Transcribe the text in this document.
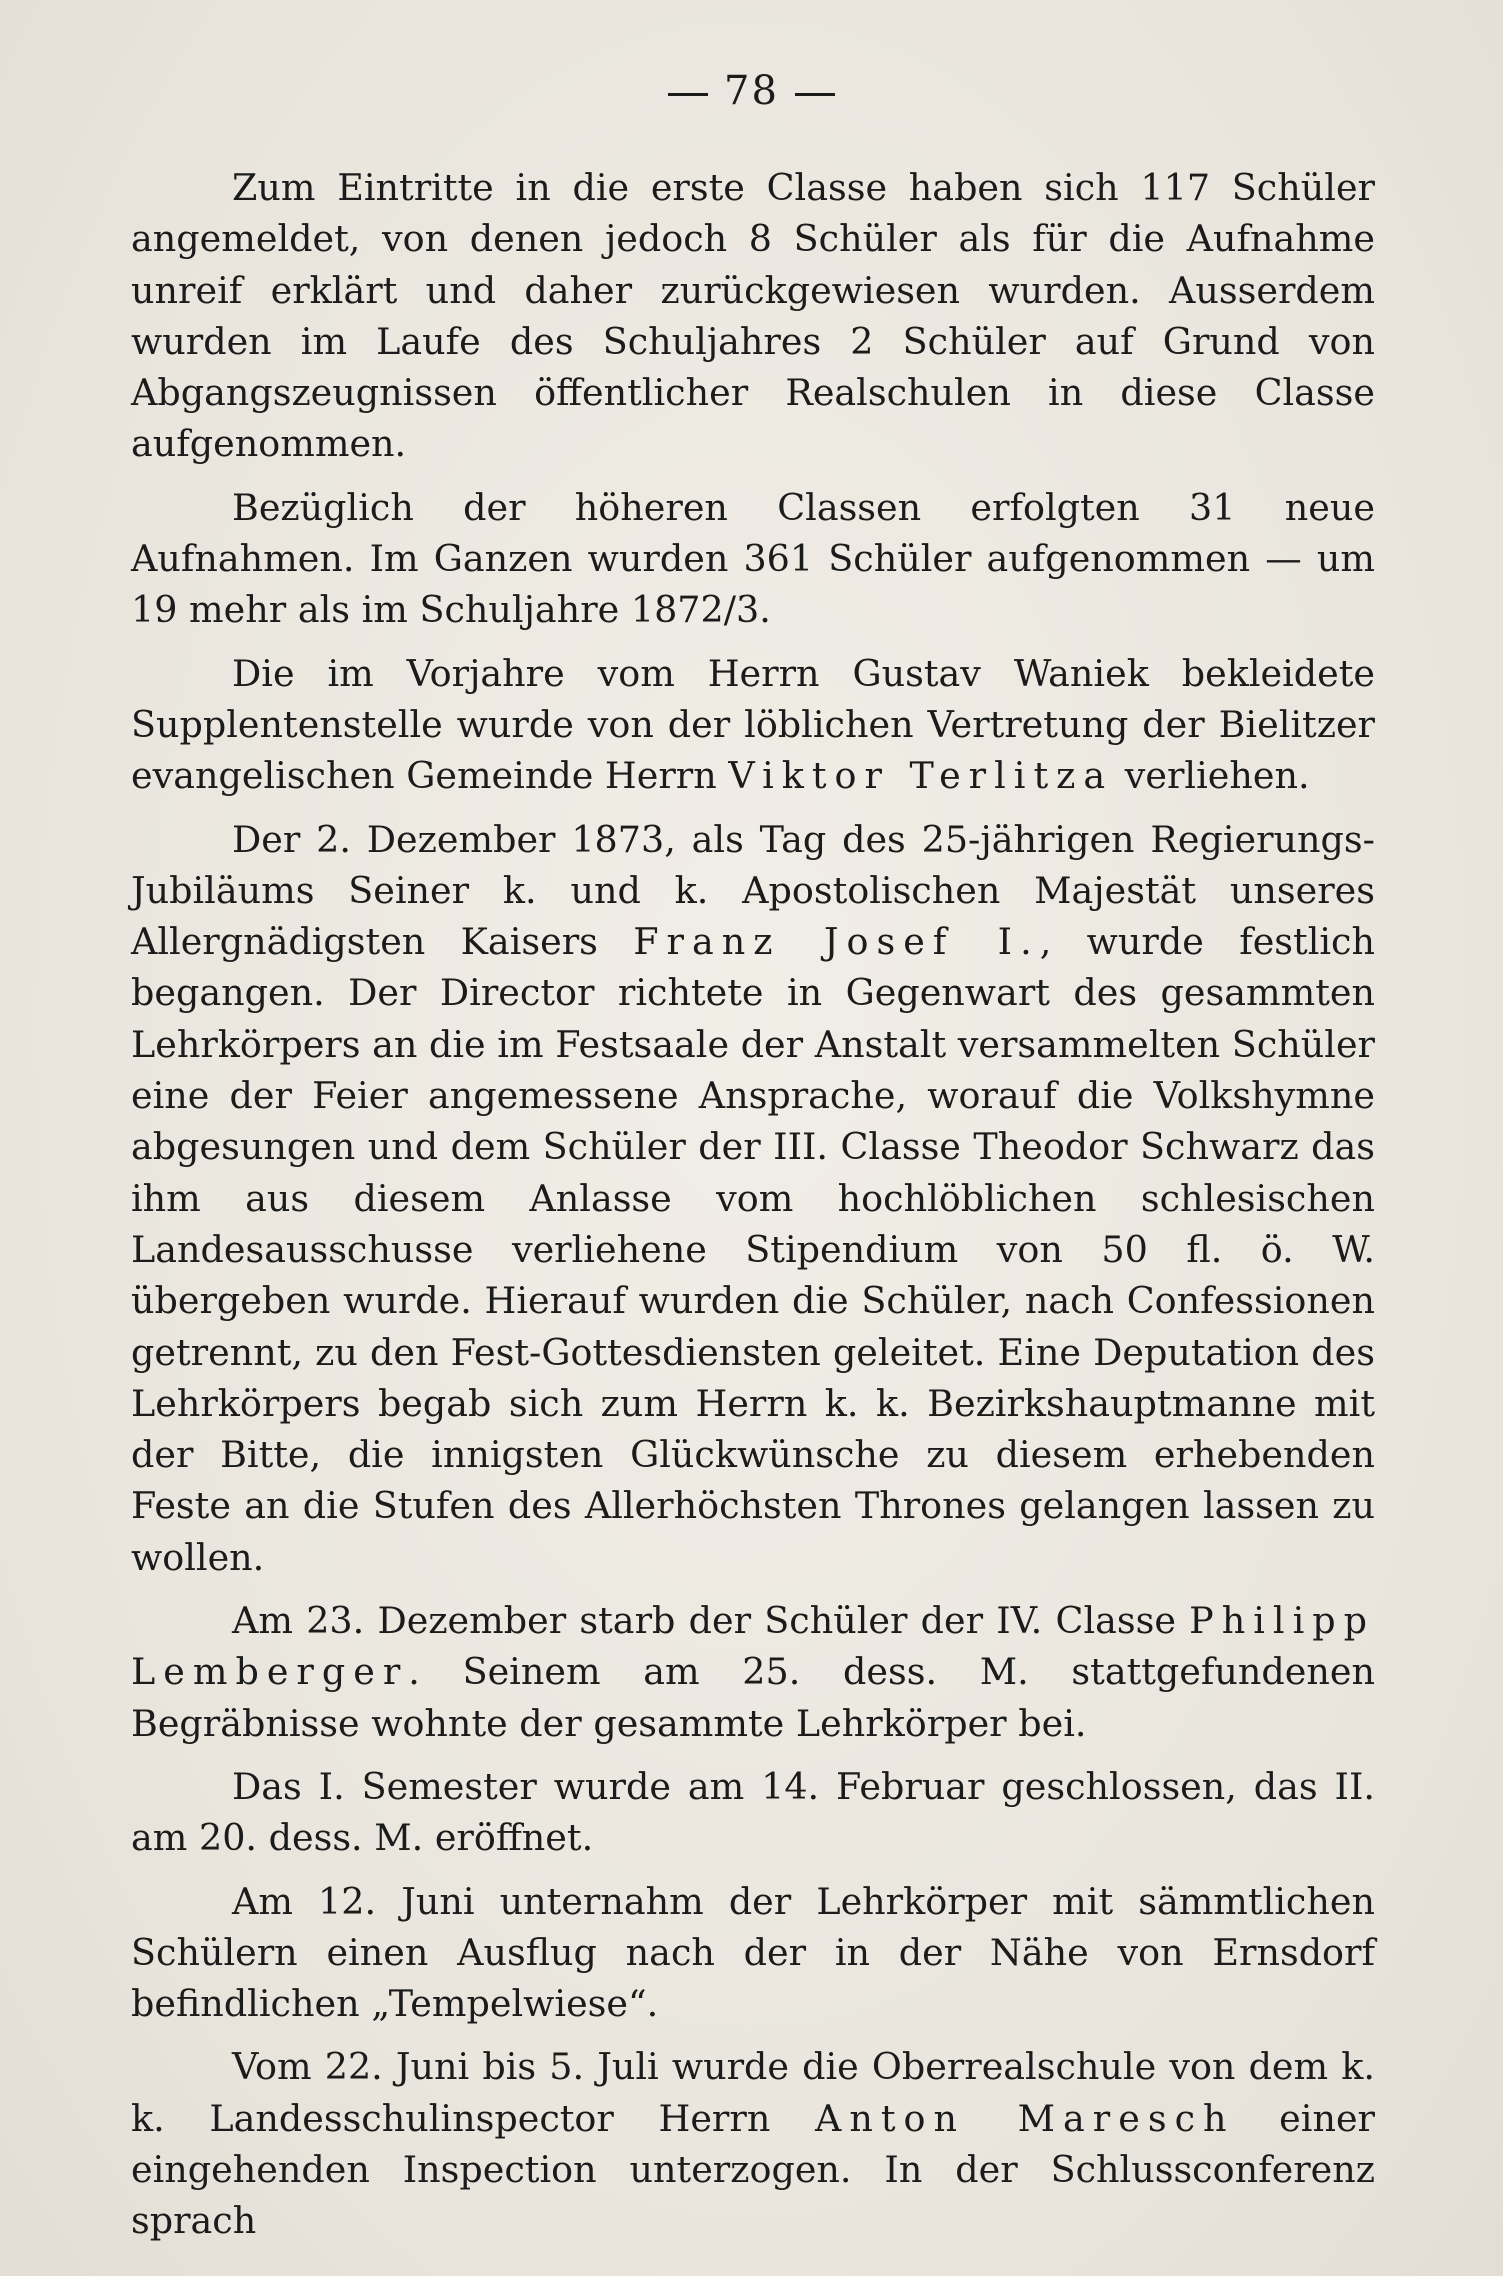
78

Zum Eintritte in die erste Classe haben sich 117 Schüler angemeldet, von denen jedoch 8 Schüler als für die Aufnahme unreif erklärt und daher zurückgewiesen wurden. Ausserdem wurden im Laufe des Schuljahres 2 Schüler auf Grund von Abgangszeugnissen öffentlicher Realschulen in diese Classe aufgenommen.

Bezüglich der höheren Classen erfolgten 31 neue Aufnahmen. Im Ganzen wurden 361 Schüler aufgenommen — um 19 mehr als im Schuljahre 1872/3.

Die im Vorjahre vom Herrn Gustav Waniek bekleidete Supplentenstelle wurde von der löblichen Vertretung der Bielitzer evangelischen Gemeinde Herrn Viktor Terlitza verliehen.

Der 2. Dezember 1873, als Tag des 25-jährigen Regierungs-Jubiläums Seiner k. und k. Apostolischen Majestät unseres Allergnädigsten Kaisers Franz Josef I., wurde festlich begangen. Der Director richtete in Gegenwart des gesammten Lehrkörpers an die im Festsaale der Anstalt versammelten Schüler eine der Feier angemessene Ansprache, worauf die Volkshymne abgesungen und dem Schüler der III. Classe Theodor Schwarz das ihm aus diesem Anlasse vom hochlöblichen schlesischen Landesausschusse verliehene Stipendium von 50 fl. ö. W. übergeben wurde. Hierauf wurden die Schüler, nach Confessionen getrennt, zu den Fest-Gottesdiensten geleitet. Eine Deputation des Lehrkörpers begab sich zum Herrn k. k. Bezirkshauptmanne mit der Bitte, die innigsten Glückwünsche zu diesem erhebenden Feste an die Stufen des Allerhöchsten Thrones gelangen lassen zu wollen.

Am 23. Dezember starb der Schüler der IV. Classe Philipp Lemberger. Seinem am 25. dess. M. stattgefundenen Begräbnisse wohnte der gesammte Lehrkörper bei.

Das I. Semester wurde am 14. Februar geschlossen, das II. am 20. dess. M. eröffnet.

Am 12. Juni unternahm der Lehrkörper mit sämmtlichen Schülern einen Ausflug nach der in der Nähe von Ernsdorf befindlichen „Tempelwiese“.

Vom 22. Juni bis 5. Juli wurde die Oberrealschule von dem k. k. Landesschulinspector Herrn Anton Maresch einer eingehenden Inspection unterzogen. In der Schlussconferenz sprach
